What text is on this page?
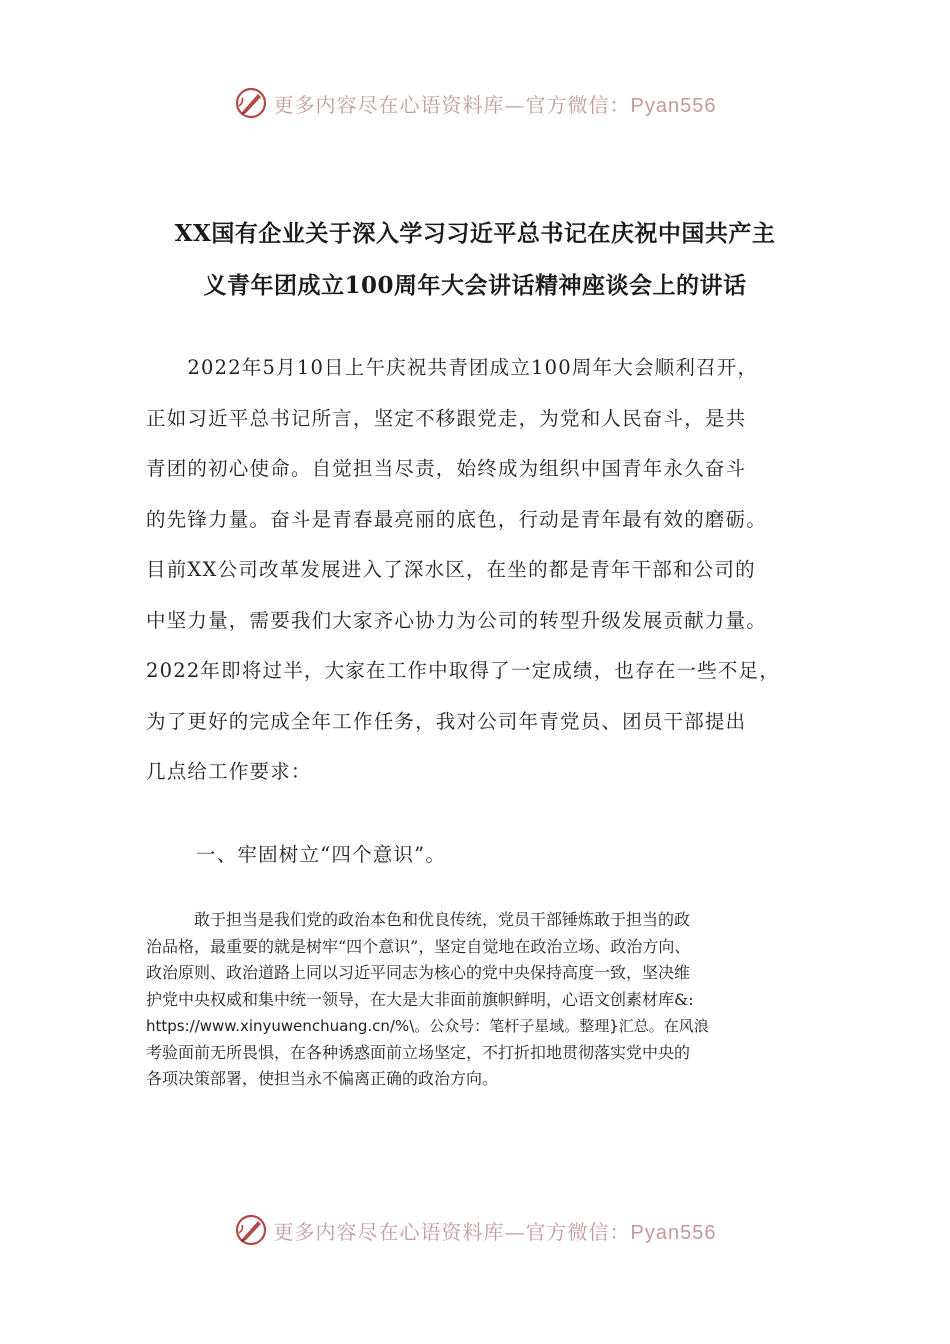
更多内容尽在心语资料库—官方微信：Pyan556
XX国有企业关于深入学习习近平总书记在庆祝中国共产主
义青年团成立100周年大会讲话精神座谈会上的讲话
　　2022年5月10日上午庆祝共青团成立100周年大会顺利召开，
正如习近平总书记所言，坚定不移跟党走，为党和人民奋斗，是共
青团的初心使命。自觉担当尽责，始终成为组织中国青年永久奋斗
的先锋力量。奋斗是青春最亮丽的底色，行动是青年最有效的磨砺。
目前XX公司改革发展进入了深水区，在坐的都是青年干部和公司的
中坚力量，需要我们大家齐心协力为公司的转型升级发展贡献力量。
2022年即将过半，大家在工作中取得了一定成绩，也存在一些不足，
为了更好的完成全年工作任务，我对公司年青党员、团员干部提出
几点给工作要求：
一、牢固树立“四个意识”。
敢于担当是我们党的政治本色和优良传统，党员干部锤炼敢于担当的政
治品格，最重要的就是树牢“四个意识”，坚定自觉地在政治立场、政治方向、
政治原则、政治道路上同以习近平同志为核心的党中央保持高度一致，坚决维
护党中央权威和集中统一领导，在大是大非面前旗帜鲜明，心语文创素材库&:
https://www.xinyuwenchuang.cn/%\。公众号：笔杆子星域。整理}汇总。在风浪
考验面前无所畏惧，在各种诱惑面前立场坚定，不打折扣地贯彻落实党中央的
各项决策部署，使担当永不偏离正确的政治方向。
更多内容尽在心语资料库—官方微信：Pyan556
